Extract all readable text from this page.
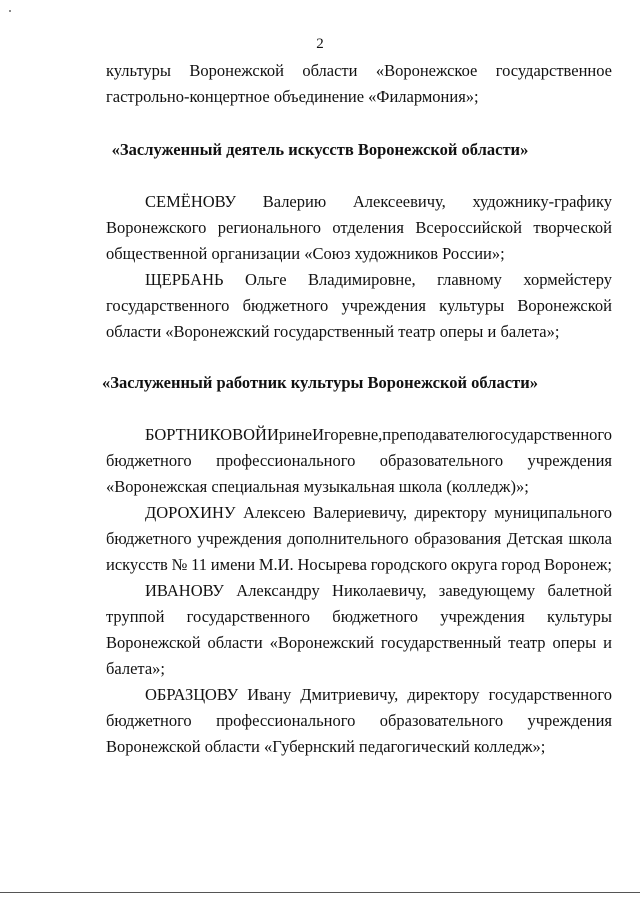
2
культуры Воронежской области «Воронежское государственное
гастрольно-концертное объединение «Филармония»;
«Заслуженный деятель искусств Воронежской области»
СЕМЁНОВУ Валерию Алексеевичу, художнику-графику
Воронежского регионального отделения Всероссийской творческой
общественной организации «Союз художников России»;
ЩЕРБАНЬ Ольге Владимировне, главному хормейстеру
государственного бюджетного учреждения культуры Воронежской
области «Воронежский государственный театр оперы и балета»;
«Заслуженный работник культуры Воронежской области»
БОРТНИКОВОЙ Ирине Игоревне, преподавателю государственного
бюджетного профессионального образовательного учреждения
«Воронежская специальная музыкальная школа (колледж)»;
ДОРОХИНУ Алексею Валериевичу, директору муниципального
бюджетного учреждения дополнительного образования Детская школа
искусств № 11 имени М.И. Носырева городского округа город Воронеж;
ИВАНОВУ Александру Николаевичу, заведующему балетной
труппой государственного бюджетного учреждения культуры
Воронежской области «Воронежский государственный театр оперы и
балета»;
ОБРАЗЦОВУ Ивану Дмитриевичу, директору государственного
бюджетного профессионального образовательного учреждения
Воронежской области «Губернский педагогический колледж»;
